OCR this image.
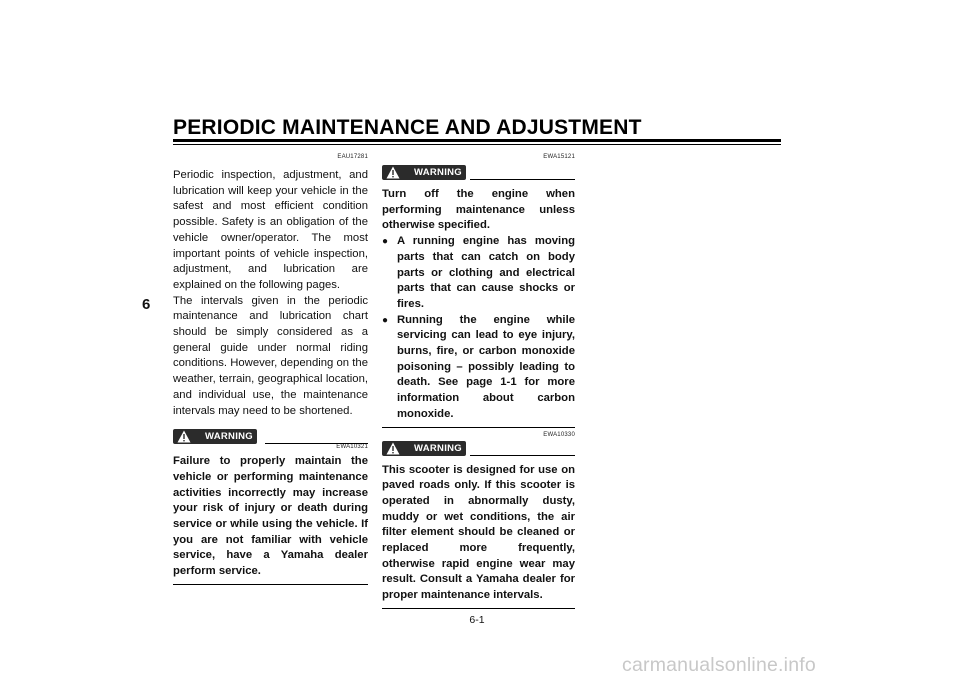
PERIODIC MAINTENANCE AND ADJUSTMENT
6
EAU17281

Periodic inspection, adjustment, and lubrication will keep your vehicle in the safest and most efficient condition possible. Safety is an obligation of the vehicle owner/operator. The most important points of vehicle inspection, adjustment, and lubrication are explained on the following pages.

The intervals given in the periodic maintenance and lubrication chart should be simply considered as a general guide under normal riding conditions. However, depending on the weather, terrain, geographical location, and individual use, the maintenance intervals may need to be shortened.

WARNING
EWA10321
Failure to properly maintain the vehicle or performing maintenance activities incorrectly may increase your risk of injury or death during service or while using the vehicle. If you are not familiar with vehicle service, have a Yamaha dealer perform service.
EWA15121
WARNING
Turn off the engine when performing maintenance unless otherwise specified.
● A running engine has moving parts that can catch on body parts or clothing and electrical parts that can cause shocks or fires.
● Running the engine while servicing can lead to eye injury, burns, fire, or carbon monoxide poisoning – possibly leading to death. See page 1-1 for more information about carbon monoxide.
EWA10330
WARNING
This scooter is designed for use on paved roads only. If this scooter is operated in abnormally dusty, muddy or wet conditions, the air filter element should be cleaned or replaced more frequently, otherwise rapid engine wear may result. Consult a Yamaha dealer for proper maintenance intervals.
6-1
carmanualsonline.info
